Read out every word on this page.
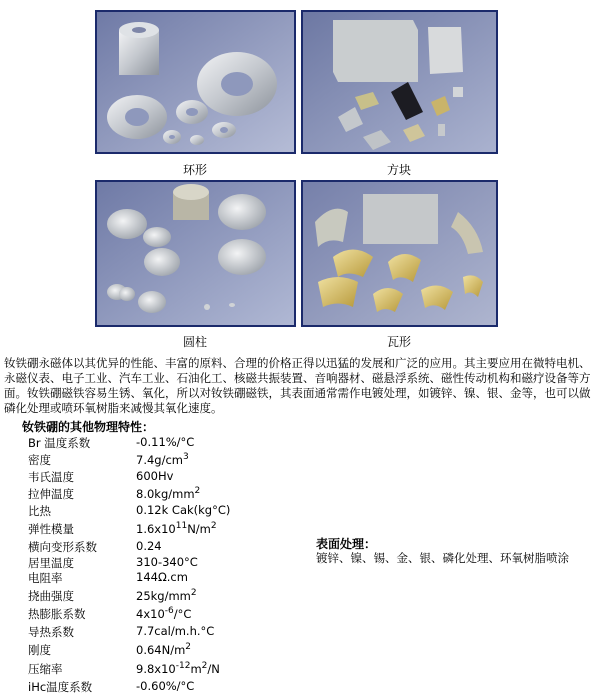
环形	方块
圆柱	瓦形
钕铁硼永磁体以其优异的性能、丰富的原料、合理的价格正得以迅猛的发展和广泛的应用。其主要应用在微特电机、永磁仪表、电子工业、汽车工业、石油化工、核磁共振装置、音响器材、磁悬浮系统、磁性传动机构和磁疗设备等方面。钕铁硼磁铁容易生锈、氧化，所以对钕铁硼磁铁，其表面通常需作电镀处理，如镀锌、镍、银、金等，也可以做磷化处理或喷环氧树脂来减慢其氧化速度。
钕铁硼的其他物理特性：
Br 温度系数	-0.11%/°C
密度	$7.4g/cm^3$
韦氏温度	600Hv
拉伸温度	$8.0kg/mm^2$
比热	0.12k Cak(kg°C)
弹性模量	$1.6x10^{11}N/m^2$
横向变形系数	0.24
居里温度	310-340°C
电阻率	144Ω.cm
挠曲强度	$25kg/mm^2$
热膨胀系数	$4x10^{-6}/^\circ C$
导热系数	7.7cal/m.h.°C
刚度	$0.64N/m^2$
压缩率	$9.8x10^{-12}m^2/N$
iHc温度系数	-0.60%/°C
表面处理：
镀锌、镍、锡、金、银、磷化处理、环氧树脂喷涂
